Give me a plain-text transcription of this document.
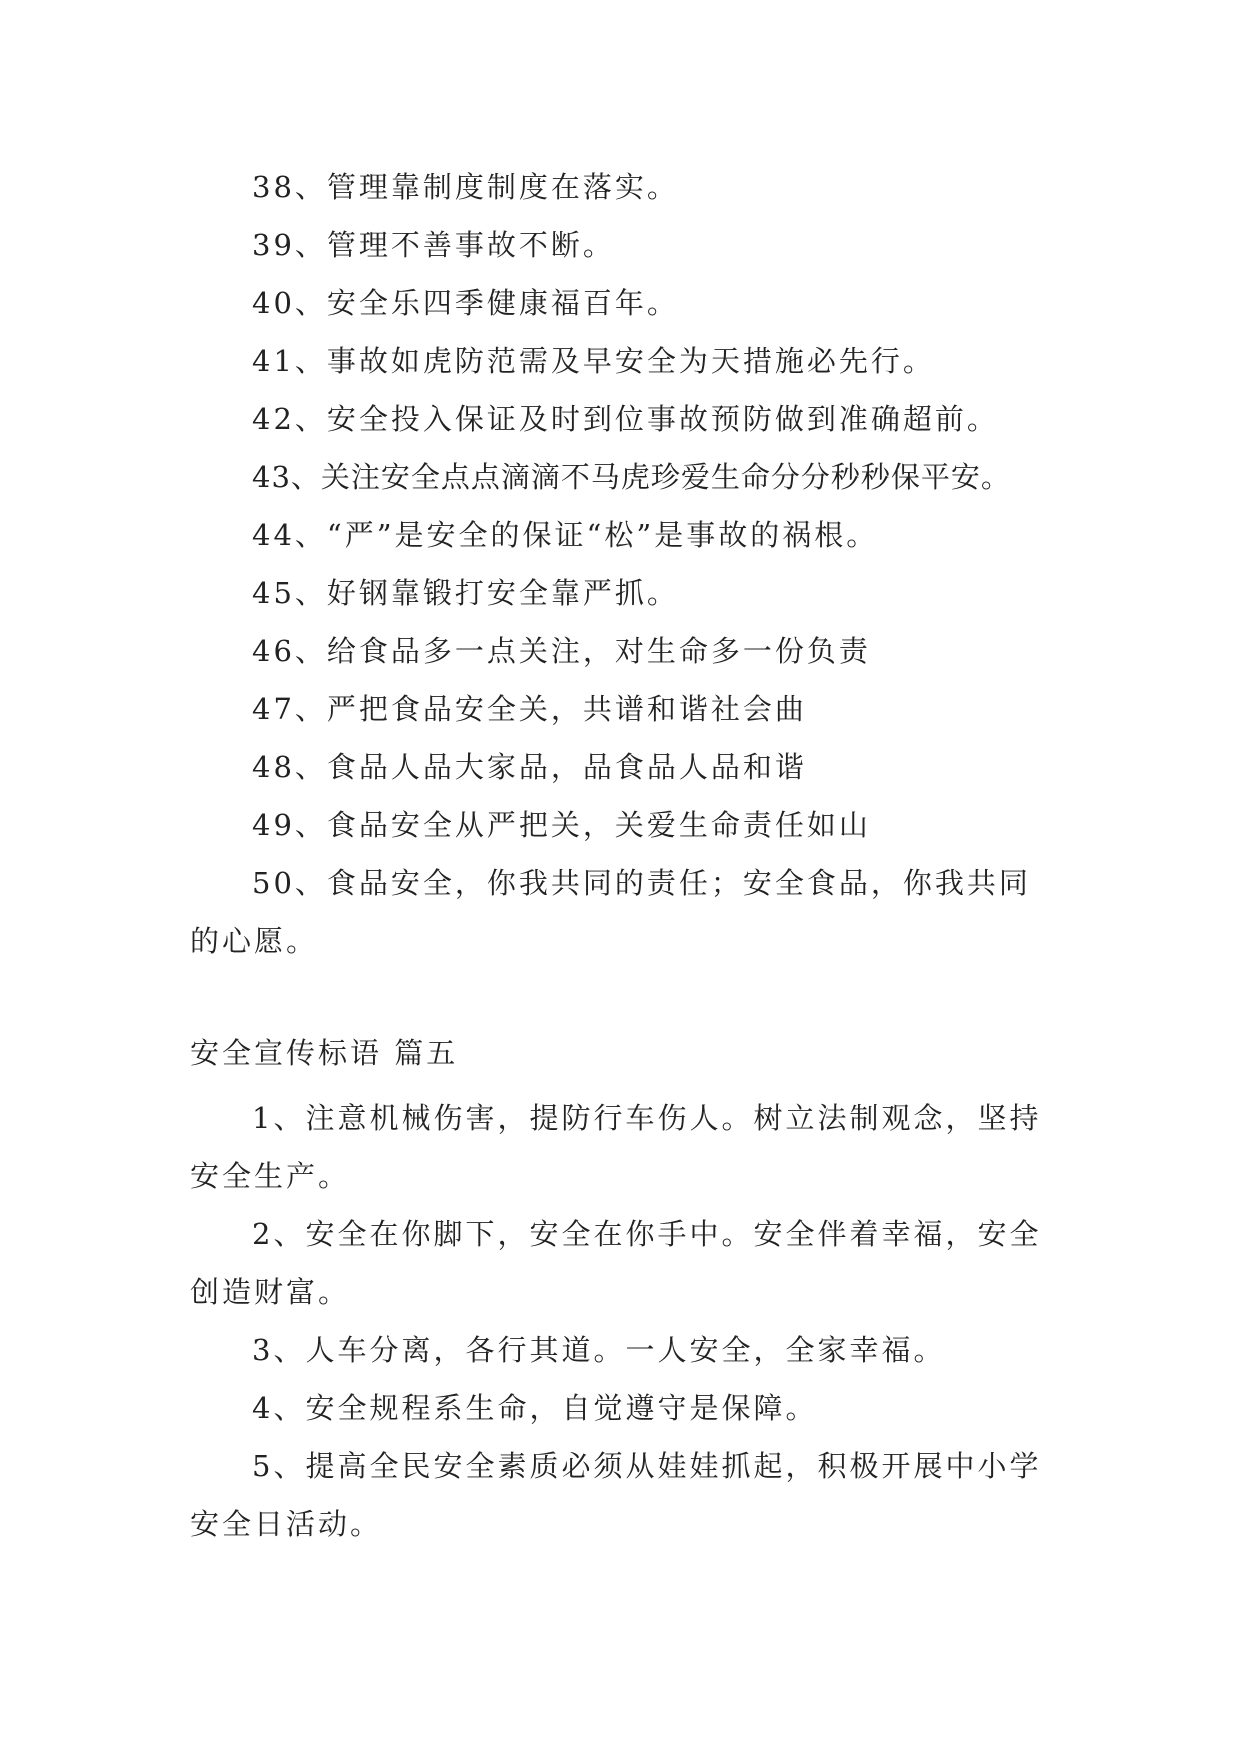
38、管理靠制度制度在落实。

39、管理不善事故不断。

40、安全乐四季健康福百年。

41、事故如虎防范需及早安全为天措施必先行。

42、安全投入保证及时到位事故预防做到准确超前。

43、关注安全点点滴滴不马虎珍爱生命分分秒秒保平安。

44、“严”是安全的保证“松”是事故的祸根。

45、好钢靠锻打安全靠严抓。

46、给食品多一点关注，对生命多一份负责

47、严把食品安全关，共谱和谐社会曲

48、食品人品大家品，品食品人品和谐

49、食品安全从严把关，关爱生命责任如山

50、食品安全，你我共同的责任；安全食品，你我共同的心愿。

安全宣传标语 篇五

1、注意机械伤害，提防行车伤人。树立法制观念，坚持安全生产。

2、安全在你脚下，安全在你手中。安全伴着幸福，安全创造财富。

3、人车分离，各行其道。一人安全，全家幸福。

4、安全规程系生命，自觉遵守是保障。

5、提高全民安全素质必须从娃娃抓起，积极开展中小学安全日活动。
